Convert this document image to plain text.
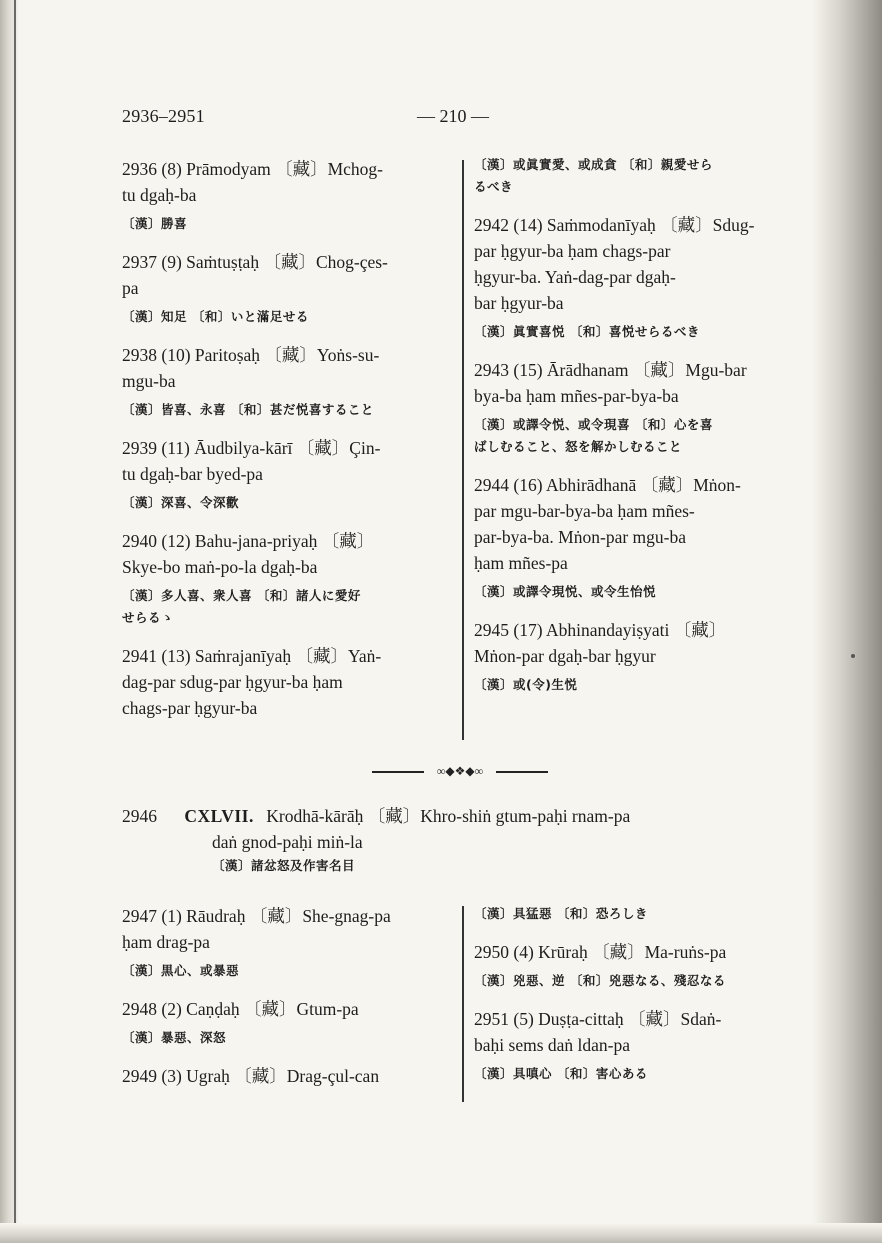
2936–2951	— 210 —
2936 (8) Prāmodyam 〔藏〕Mchog-
tu dgaḥ-ba
〔漢〕勝喜
2937 (9) Saṁtuṣṭaḥ 〔藏〕Chog-çes-
pa
〔漢〕知足 〔和〕いと滿足せる
2938 (10) Paritoṣaḥ 〔藏〕Yoṅs-su-
mgu-ba
〔漢〕皆喜、永喜 〔和〕甚だ悦喜すること
2939 (11) Āudbilya-kārī 〔藏〕Çin-
tu dgaḥ-bar byed-pa
〔漢〕深喜、令深歡
2940 (12) Bahu-jana-priyaḥ 〔藏〕
Skye-bo maṅ-po-la dgaḥ-ba
〔漢〕多人喜、衆人喜 〔和〕諸人に愛好
せらるゝ
2941 (13) Saṁrajanīyaḥ 〔藏〕Yaṅ-
dag-par sdug-par ḥgyur-ba ḥam
chags-par ḥgyur-ba
〔漢〕或眞實愛、或成貪 〔和〕親愛せら
るべき
2942 (14) Saṁmodanīyaḥ 〔藏〕Sdug-
par ḥgyur-ba ḥam chags-par
ḥgyur-ba. Yaṅ-dag-par dgaḥ-
bar ḥgyur-ba
〔漢〕眞實喜悦 〔和〕喜悦せらるべき
2943 (15) Ārādhanam 〔藏〕Mgu-bar
bya-ba ḥam mñes-par-bya-ba
〔漢〕或譯令悦、或令現喜 〔和〕心を喜
ばしむること、怒を解かしむること
2944 (16) Abhirādhanā 〔藏〕Mṅon-
par mgu-bar-bya-ba ḥam mñes-
par-bya-ba. Mṅon-par mgu-ba
ḥam mñes-pa
〔漢〕或譯令現悦、或令生怡悦
2945 (17) Abhinandayiṣyati 〔藏〕
Mṅon-par dgaḥ-bar ḥgyur
〔漢〕或(令)生悦
∞◆❖◆∞
2946 CXLVII. Krodhā-kārāḥ 〔藏〕Khro-shiṅ gtum-paḥi rnam-pa
daṅ gnod-paḥi miṅ-la
〔漢〕諸忿怒及作害名目
2947 (1) Rāudraḥ 〔藏〕She-gnag-pa
ḥam drag-pa
〔漢〕黒心、或暴惡
2948 (2) Caṇḍaḥ 〔藏〕Gtum-pa
〔漢〕暴惡、深怒
2949 (3) Ugraḥ 〔藏〕Drag-çul-can
〔漢〕具猛惡 〔和〕恐ろしき
2950 (4) Krūraḥ 〔藏〕Ma-ruṅs-pa
〔漢〕兇惡、逆 〔和〕兇惡なる、殘忍なる
2951 (5) Duṣṭa-cittaḥ 〔藏〕Sdaṅ-
baḥi sems daṅ ldan-pa
〔漢〕具嗔心 〔和〕害心ある
